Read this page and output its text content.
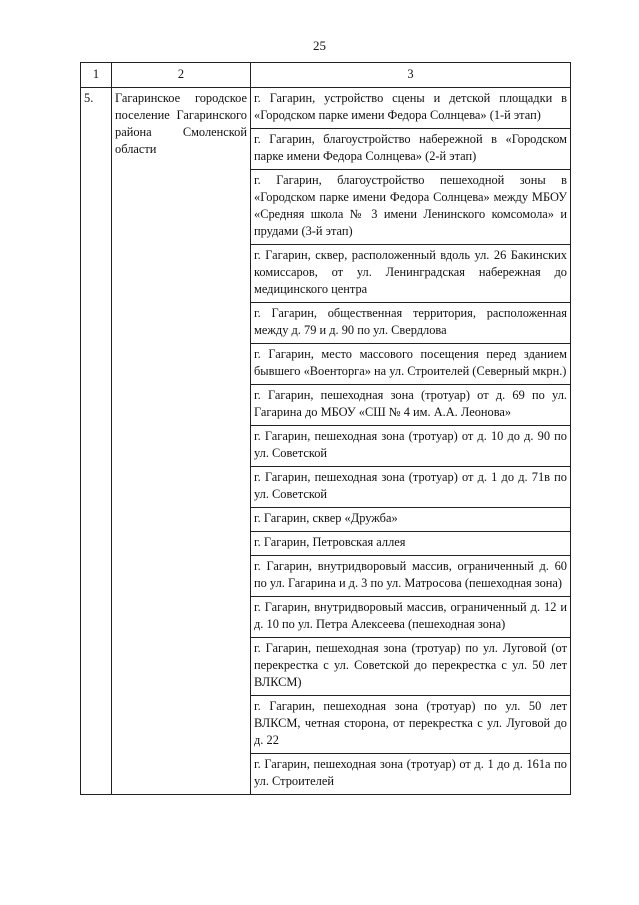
25
1	2	3
5.	Гагаринское городское поселение Гагаринского района Смоленской области	г. Гагарин, устройство сцены и детской площадки в «Городском парке имени Федора Солнцева» (1-й этап)
		г. Гагарин, благоустройство набережной в «Городском парке имени Федора Солнцева» (2-й этап)
		г. Гагарин, благоустройство пешеходной зоны в «Городском парке имени Федора Солнцева» между МБОУ «Средняя школа № 3 имени Ленинского комсомола» и прудами (3-й этап)
		г. Гагарин, сквер, расположенный вдоль ул. 26 Бакинских комиссаров, от ул. Ленинградская набережная до медицинского центра
		г. Гагарин, общественная территория, расположенная между д. 79 и д. 90 по ул. Свердлова
		г. Гагарин, место массового посещения перед зданием бывшего «Военторга» на ул. Строителей (Северный мкрн.)
		г. Гагарин, пешеходная зона (тротуар) от д. 69 по ул. Гагарина до МБОУ «СШ № 4 им. А.А. Леонова»
		г. Гагарин, пешеходная зона (тротуар) от д. 10 до д. 90 по ул. Советской
		г. Гагарин, пешеходная зона (тротуар) от д. 1 до д. 71в по ул. Советской
		г. Гагарин, сквер «Дружба»
		г. Гагарин, Петровская аллея
		г. Гагарин, внутридворовый массив, ограниченный д. 60 по ул. Гагарина и д. 3 по ул. Матросова (пешеходная зона)
		г. Гагарин, внутридворовый массив, ограниченный д. 12 и д. 10 по ул. Петра Алексеева (пешеходная зона)
		г. Гагарин, пешеходная зона (тротуар) по ул. Луговой (от перекрестка с ул. Советской до перекрестка с ул. 50 лет ВЛКСМ)
		г. Гагарин, пешеходная зона (тротуар) по ул. 50 лет ВЛКСМ, четная сторона, от перекрестка с ул. Луговой до д. 22
		г. Гагарин, пешеходная зона (тротуар) от д. 1 до д. 161а по ул. Строителей
